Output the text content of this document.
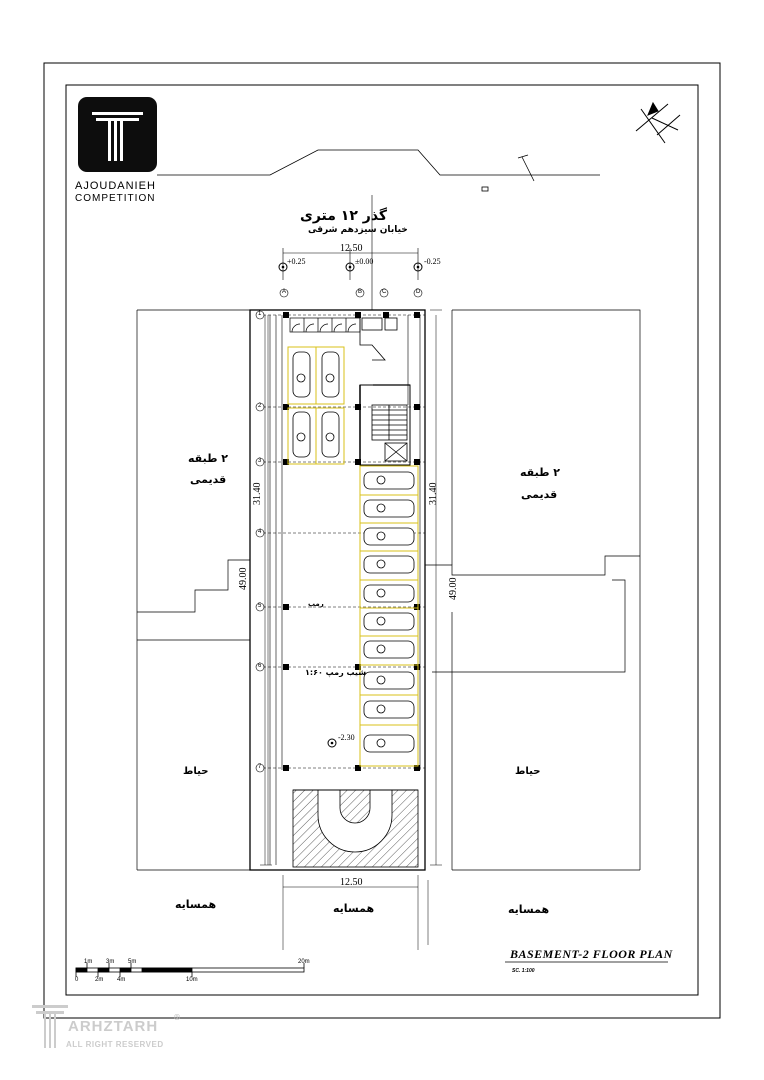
AJOUDANIEH
COMPETITION
گذر ۱۲ متری
خیابان سیزدهم شرقی
12.50
12.50
49.00	49.00
31.40	31.40
+0.25	±0.00	-0.25
-2.30
A	B	C	D
1
2
3
4
5
6
7
۲ طبقه
قدیمی
۲ طبقه
قدیمی
حیاط	حیاط
همسایه	همسایه	همسایه
رمپ
شیب رمپ ۱:۶۰
1m 3m 5m	20m
0	2m 4m	10m
BASEMENT-2 FLOOR PLAN
SC. 1:100
ARHZTARH
ALL RIGHT RESERVED
®
